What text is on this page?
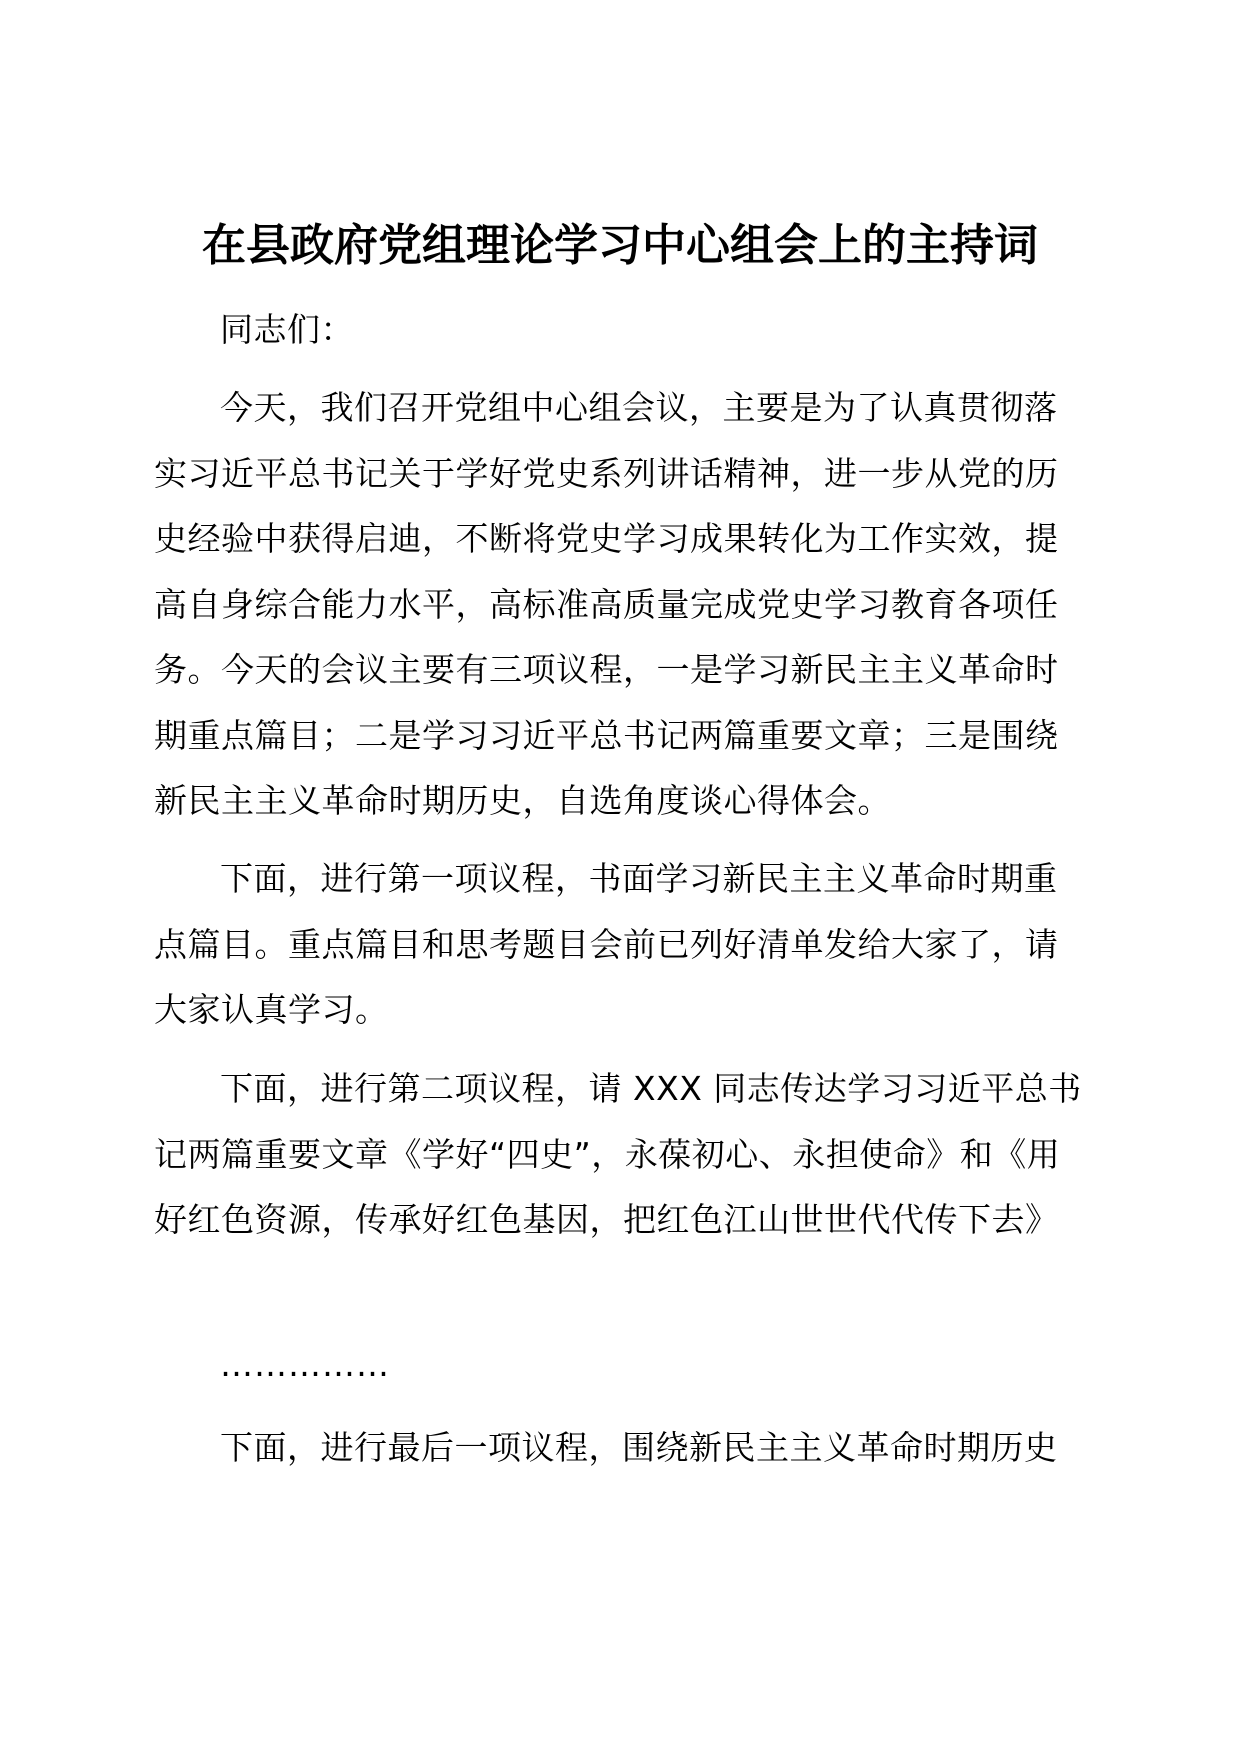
在县政府党组理论学习中心组会上的主持词

同志们：

今天，我们召开党组中心组会议，主要是为了认真贯彻落实习近平总书记关于学好党史系列讲话精神，进一步从党的历史经验中获得启迪，不断将党史学习成果转化为工作实效，提高自身综合能力水平，高标准高质量完成党史学习教育各项任务。今天的会议主要有三项议程，一是学习新民主主义革命时期重点篇目；二是学习习近平总书记两篇重要文章；三是围绕新民主主义革命时期历史，自选角度谈心得体会。

下面，进行第一项议程，书面学习新民主主义革命时期重点篇目。重点篇目和思考题目会前已列好清单发给大家了，请大家认真学习。

下面，进行第二项议程，请 XXX 同志传达学习习近平总书记两篇重要文章《学好“四史”，永葆初心、永担使命》和《用好红色资源，传承好红色基因，把红色江山世世代代传下去》

……………

下面，进行最后一项议程，围绕新民主主义革命时期历史
